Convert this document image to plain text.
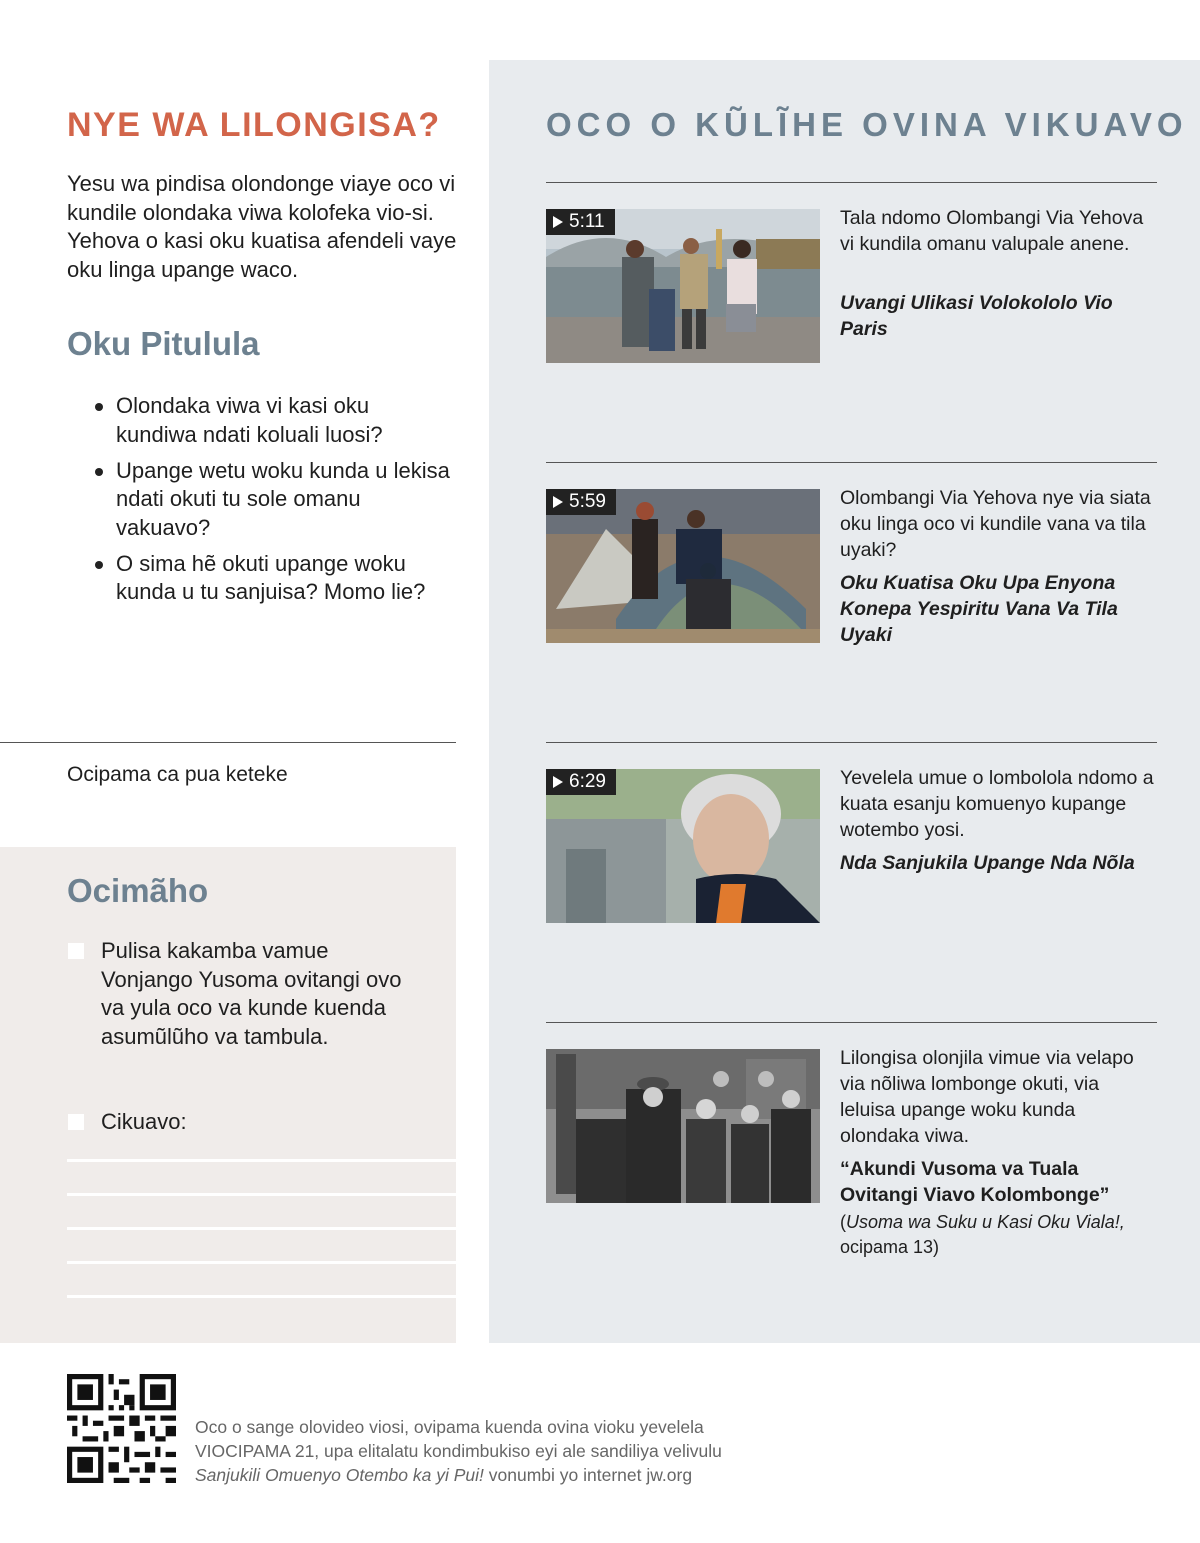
NYE WA LILONGISA?
Yesu wa pindisa olondonge viaye oco vi kundile olondaka viwa kolofeka vio-si. Yehova o kasi oku kuatisa afendeli vaye oku linga upange waco.
Oku Pitulula
Olondaka viwa vi kasi oku kundiwa ndati koluali luosi?
Upange wetu woku kunda u lekisa ndati okuti tu sole omanu vakuavo?
O sima hẽ okuti upange woku kunda u tu sanjuisa? Momo lie?
Ocipama ca pua keteke
Ocimãho
Pulisa kakamba vamue Vonjango Yusoma ovitangi ovo va yula oco va kunde kuenda asumũlũho va tambula.
Cikuavo:
OCO O KŨLĨHE OVINA VIKUAVO
5:11	Tala ndomo Olombangi Via Yehova vi kundila omanu valupale anene.
Uvangi Ulikasi Volokololo Vio Paris
5:59	Olombangi Via Yehova nye via siata oku linga oco vi kundile vana va tila uyaki?
Oku Kuatisa Oku Upa Enyona Konepa Yespiritu Vana Va Tila Uyaki
6:29	Yevelela umue o lombolola ndomo a kuata esanju komuenyo kupange wotembo yosi.
Nda Sanjukila Upange Nda Nõla
Lilongisa olonjila vimue via velapo via nõliwa lombonge okuti, via leluisa upange woku kunda olondaka viwa.
“Akundi Vusoma va Tuala Ovitangi Viavo Kolombonge”
(Usoma wa Suku u Kasi Oku Viala!,
ocipama 13)
Oco o sange olovideo viosi, ovipama kuenda ovina vioku yevelela
VIOCIPAMA 21, upa elitalatu kondimbukiso eyi ale sandiliya velivulu
Sanjukili Omuenyo Otembo ka yi Pui! vonumbi yo internet jw.org
